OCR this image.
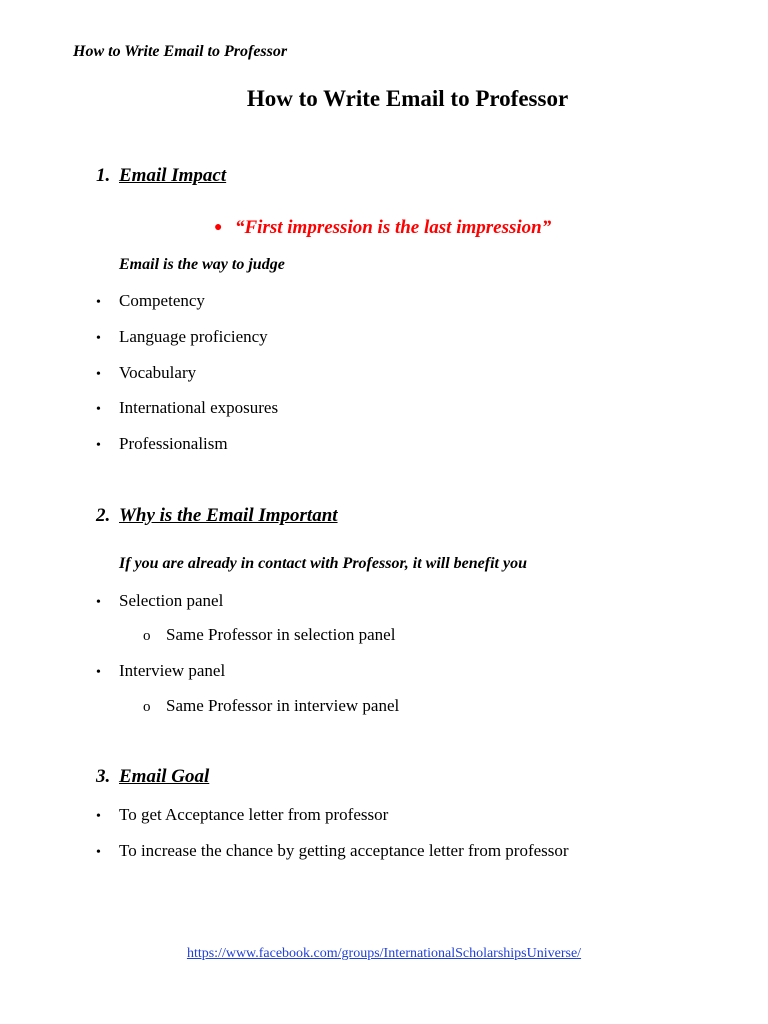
How to Write Email to Professor
How to Write Email to Professor
1. Email Impact
● “First impression is the last impression”
Email is the way to judge
• Competency
• Language proficiency
• Vocabulary
• International exposures
• Professionalism
2. Why is the Email Important
If you are already in contact with Professor, it will benefit you
• Selection panel
o Same Professor in selection panel
• Interview panel
o Same Professor in interview panel
3. Email Goal
• To get Acceptance letter from professor
• To increase the chance by getting acceptance letter from professor
https://www.facebook.com/groups/InternationalScholarshipsUniverse/
